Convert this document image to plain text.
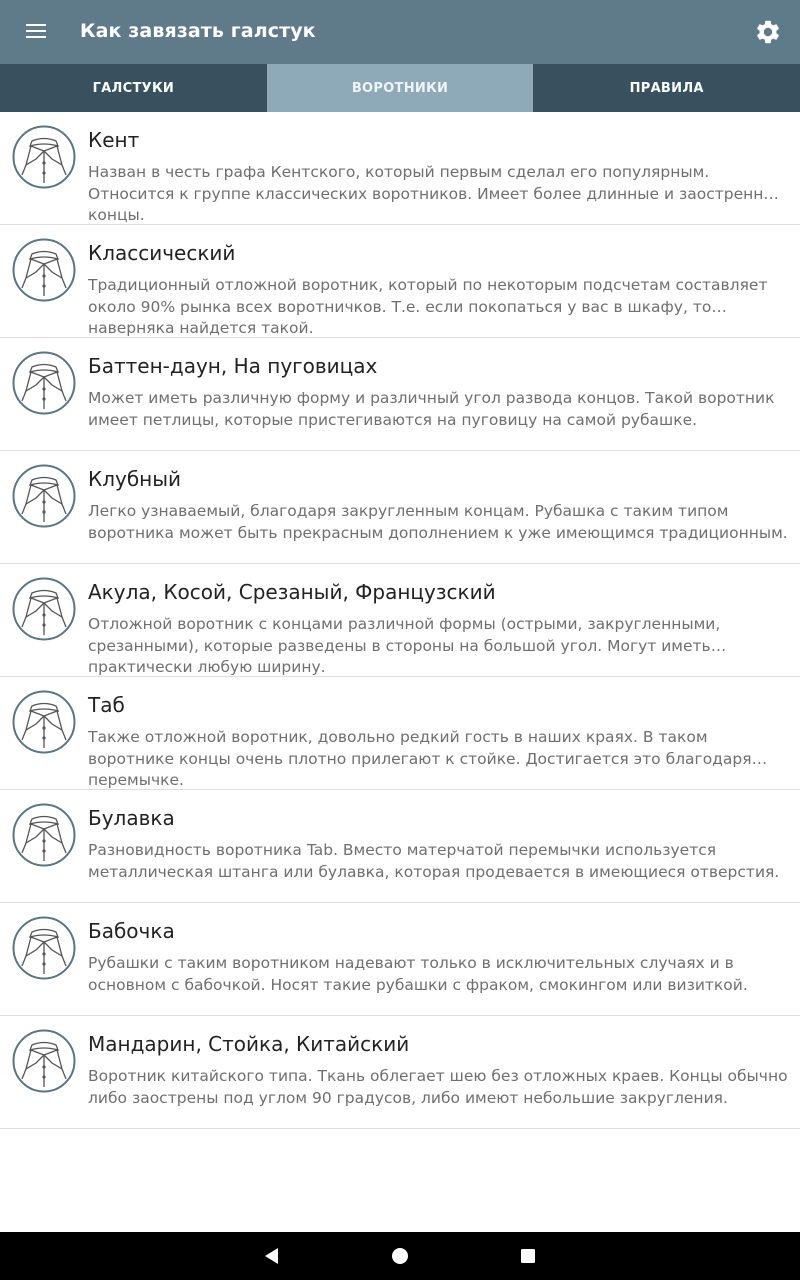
Как завязать галстук
ГАЛСТУКИ	ВОРОТНИКИ	ПРАВИЛА
Кент
Назван в честь графа Кентского, который первым сделал его популярным. Относится к группе классических воротников. Имеет более длинные и заостренные концы.
Классический
Традиционный отложной воротник, который по некоторым подсчетам составляет около 90% рынка всех воротничков. Т.е. если покопаться у вас в шкафу, то наверняка найдется такой.
Баттен-даун, На пуговицах
Может иметь различную форму и различный угол развода концов. Такой воротник имеет петлицы, которые пристегиваются на пуговицу на самой рубашке.
Клубный
Легко узнаваемый, благодаря закругленным концам. Рубашка с таким типом воротника может быть прекрасным дополнением к уже имеющимся традиционным.
Акула, Косой, Срезаный, Французский
Отложной воротник с концами различной формы (острыми, закругленными, срезанными), которые разведены в стороны на большой угол. Могут иметь практически любую ширину.
Таб
Также отложной воротник, довольно редкий гость в наших краях. В таком воротнике концы очень плотно прилегают к стойке. Достигается это благодаря перемычке.
Булавка
Разновидность воротника Tab. Вместо матерчатой перемычки используется металлическая штанга или булавка, которая продевается в имеющиеся отверстия.
Бабочка
Рубашки с таким воротником надевают только в исключительных случаях и в основном с бабочкой. Носят такие рубашки с фраком, смокингом или визиткой.
Мандарин, Стойка, Китайский
Воротник китайского типа. Ткань облегает шею без отложных краев. Концы обычно либо заострены под углом 90 градусов, либо имеют небольшие закругления.
